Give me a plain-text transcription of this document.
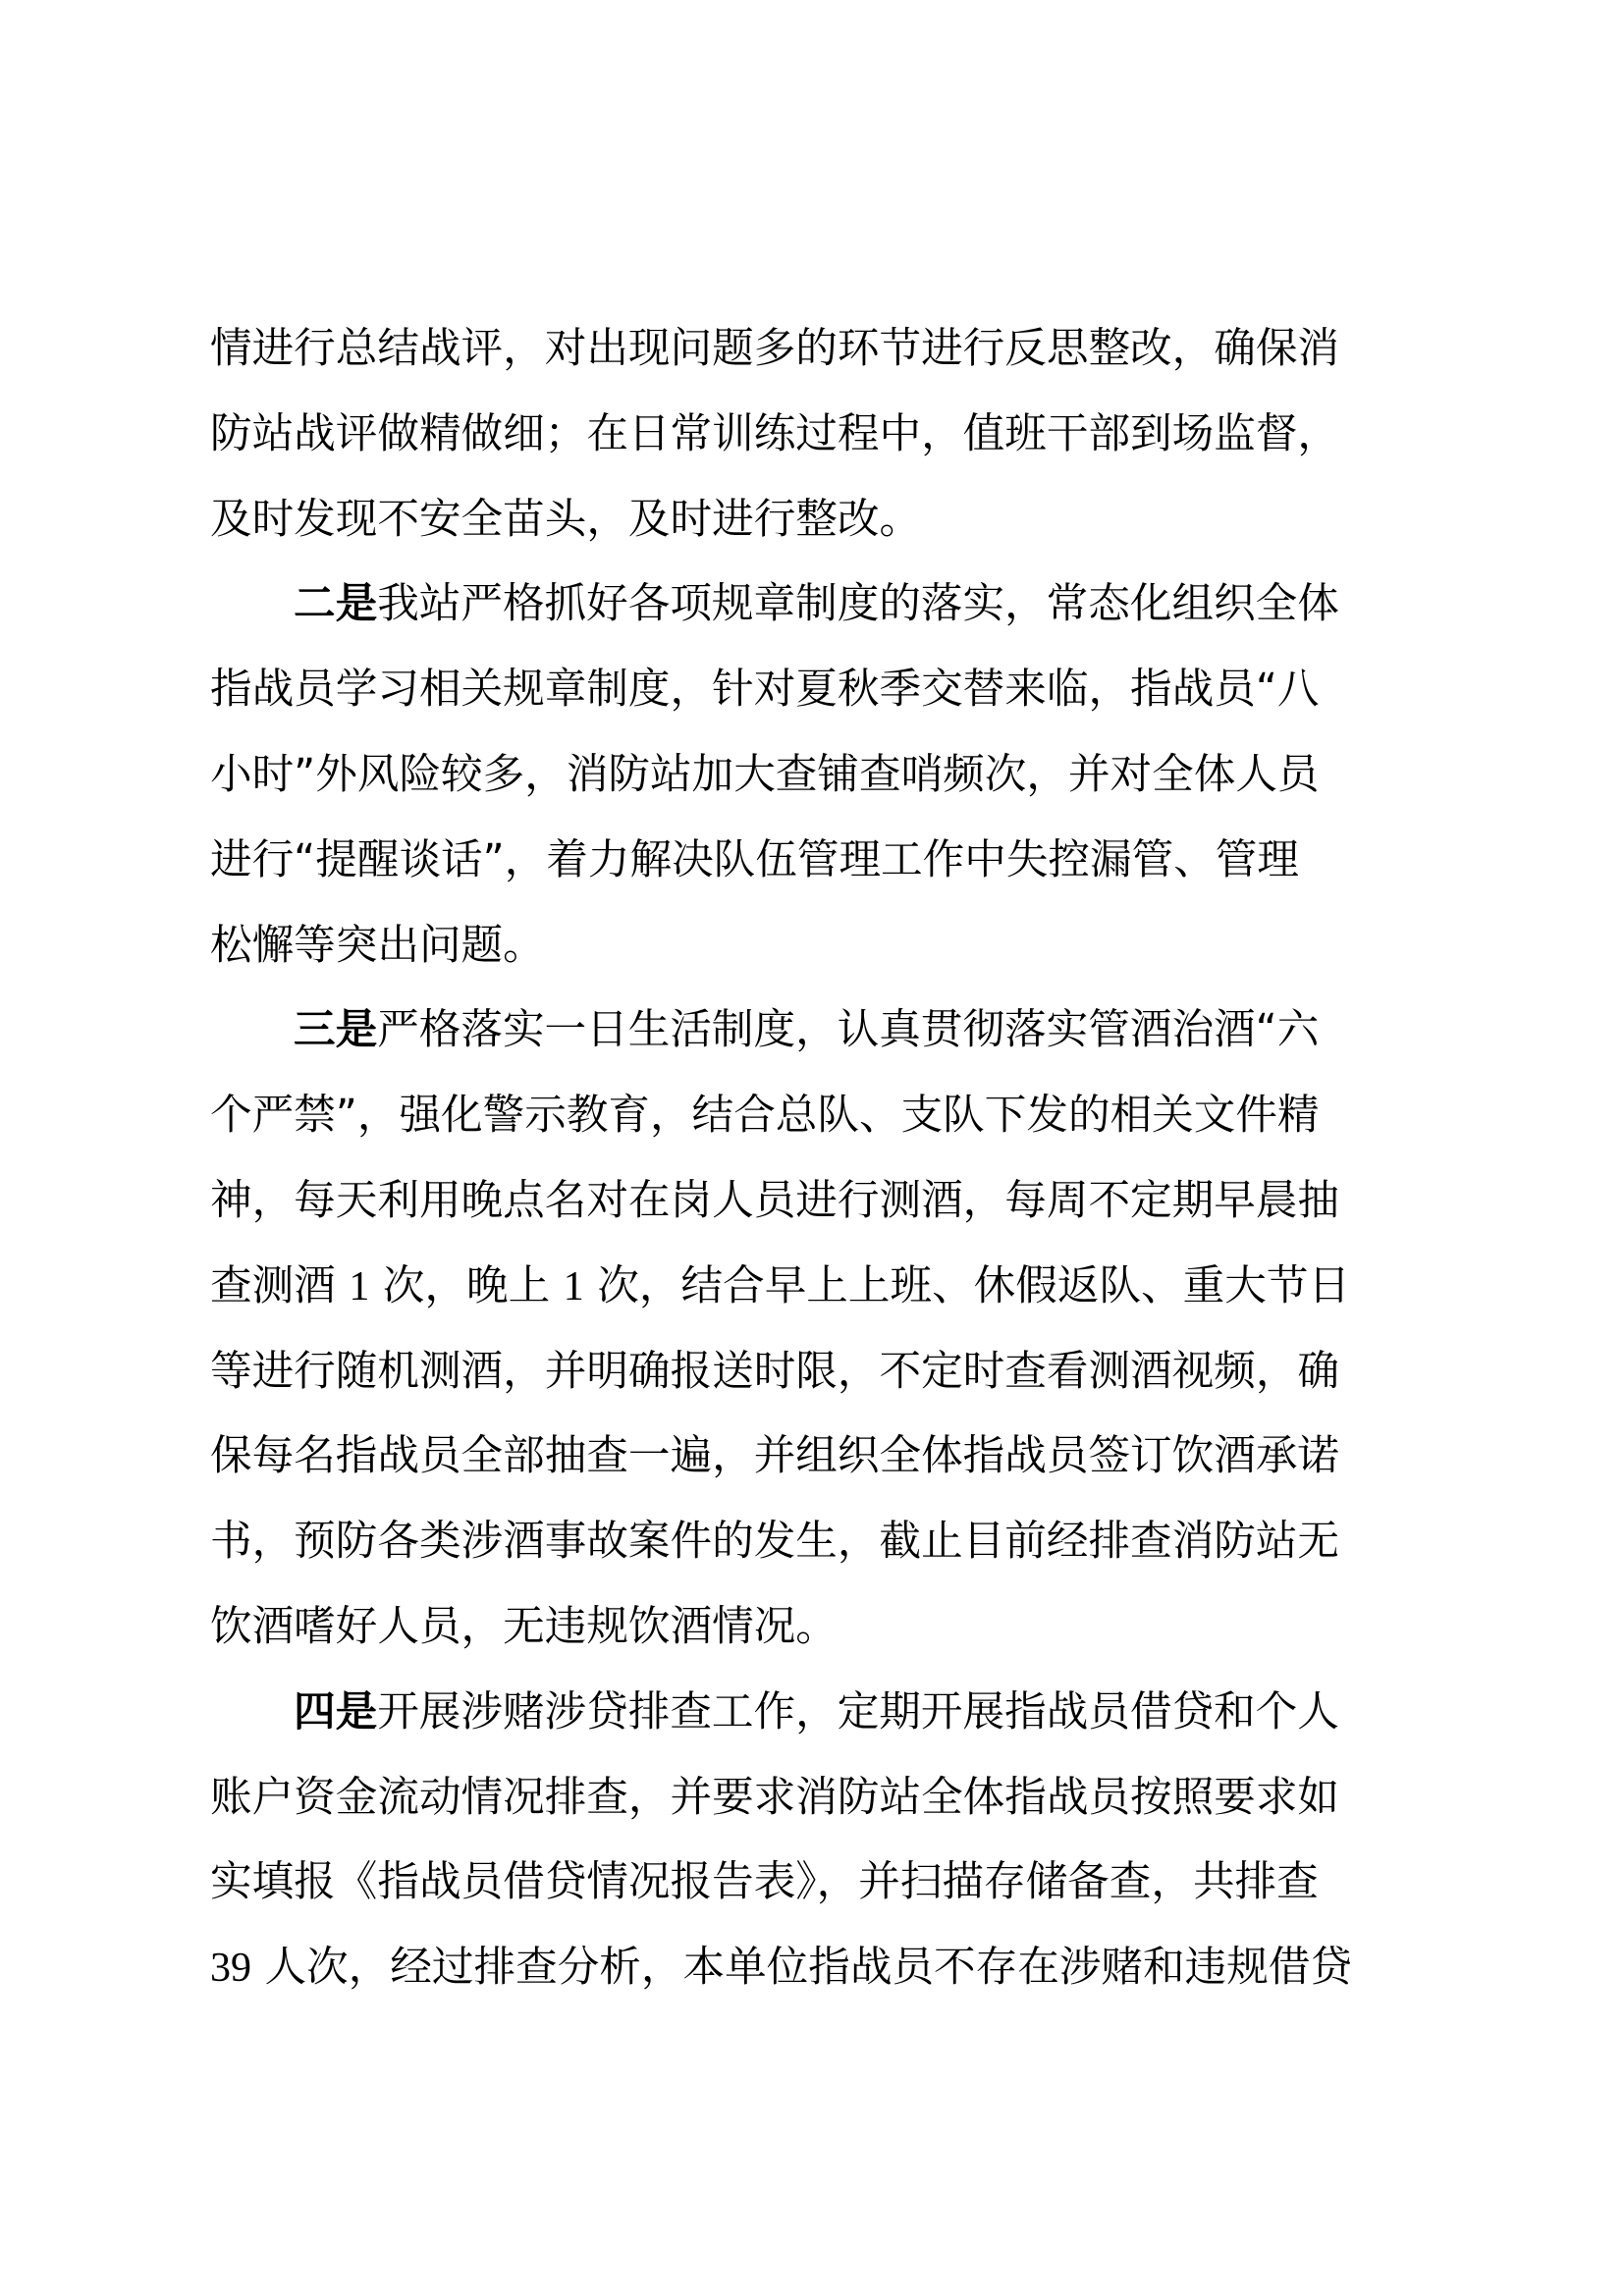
情进行总结战评，对出现问题多的环节进行反思整改，确保消
防站战评做精做细；在日常训练过程中，值班干部到场监督，
及时发现不安全苗头，及时进行整改。
二是我站严格抓好各项规章制度的落实，常态化组织全体
指战员学习相关规章制度，针对夏秋季交替来临，指战员“八
小时”外风险较多，消防站加大查铺查哨频次，并对全体人员
进行“提醒谈话”，着力解决队伍管理工作中失控漏管、管理
松懈等突出问题。
三是严格落实一日生活制度，认真贯彻落实管酒治酒“六
个严禁”，强化警示教育，结合总队、支队下发的相关文件精
神，每天利用晚点名对在岗人员进行测酒，每周不定期早晨抽
查测酒 1 次，晚上 1 次，结合早上上班、休假返队、重大节日
等进行随机测酒，并明确报送时限，不定时查看测酒视频，确
保每名指战员全部抽查一遍，并组织全体指战员签订饮酒承诺
书，预防各类涉酒事故案件的发生，截止目前经排查消防站无
饮酒嗜好人员，无违规饮酒情况。
四是开展涉赌涉贷排查工作，定期开展指战员借贷和个人
账户资金流动情况排查，并要求消防站全体指战员按照要求如
实填报《指战员借贷情况报告表》，并扫描存储备查，共排查
39 人次，经过排查分析，本单位指战员不存在涉赌和违规借贷
